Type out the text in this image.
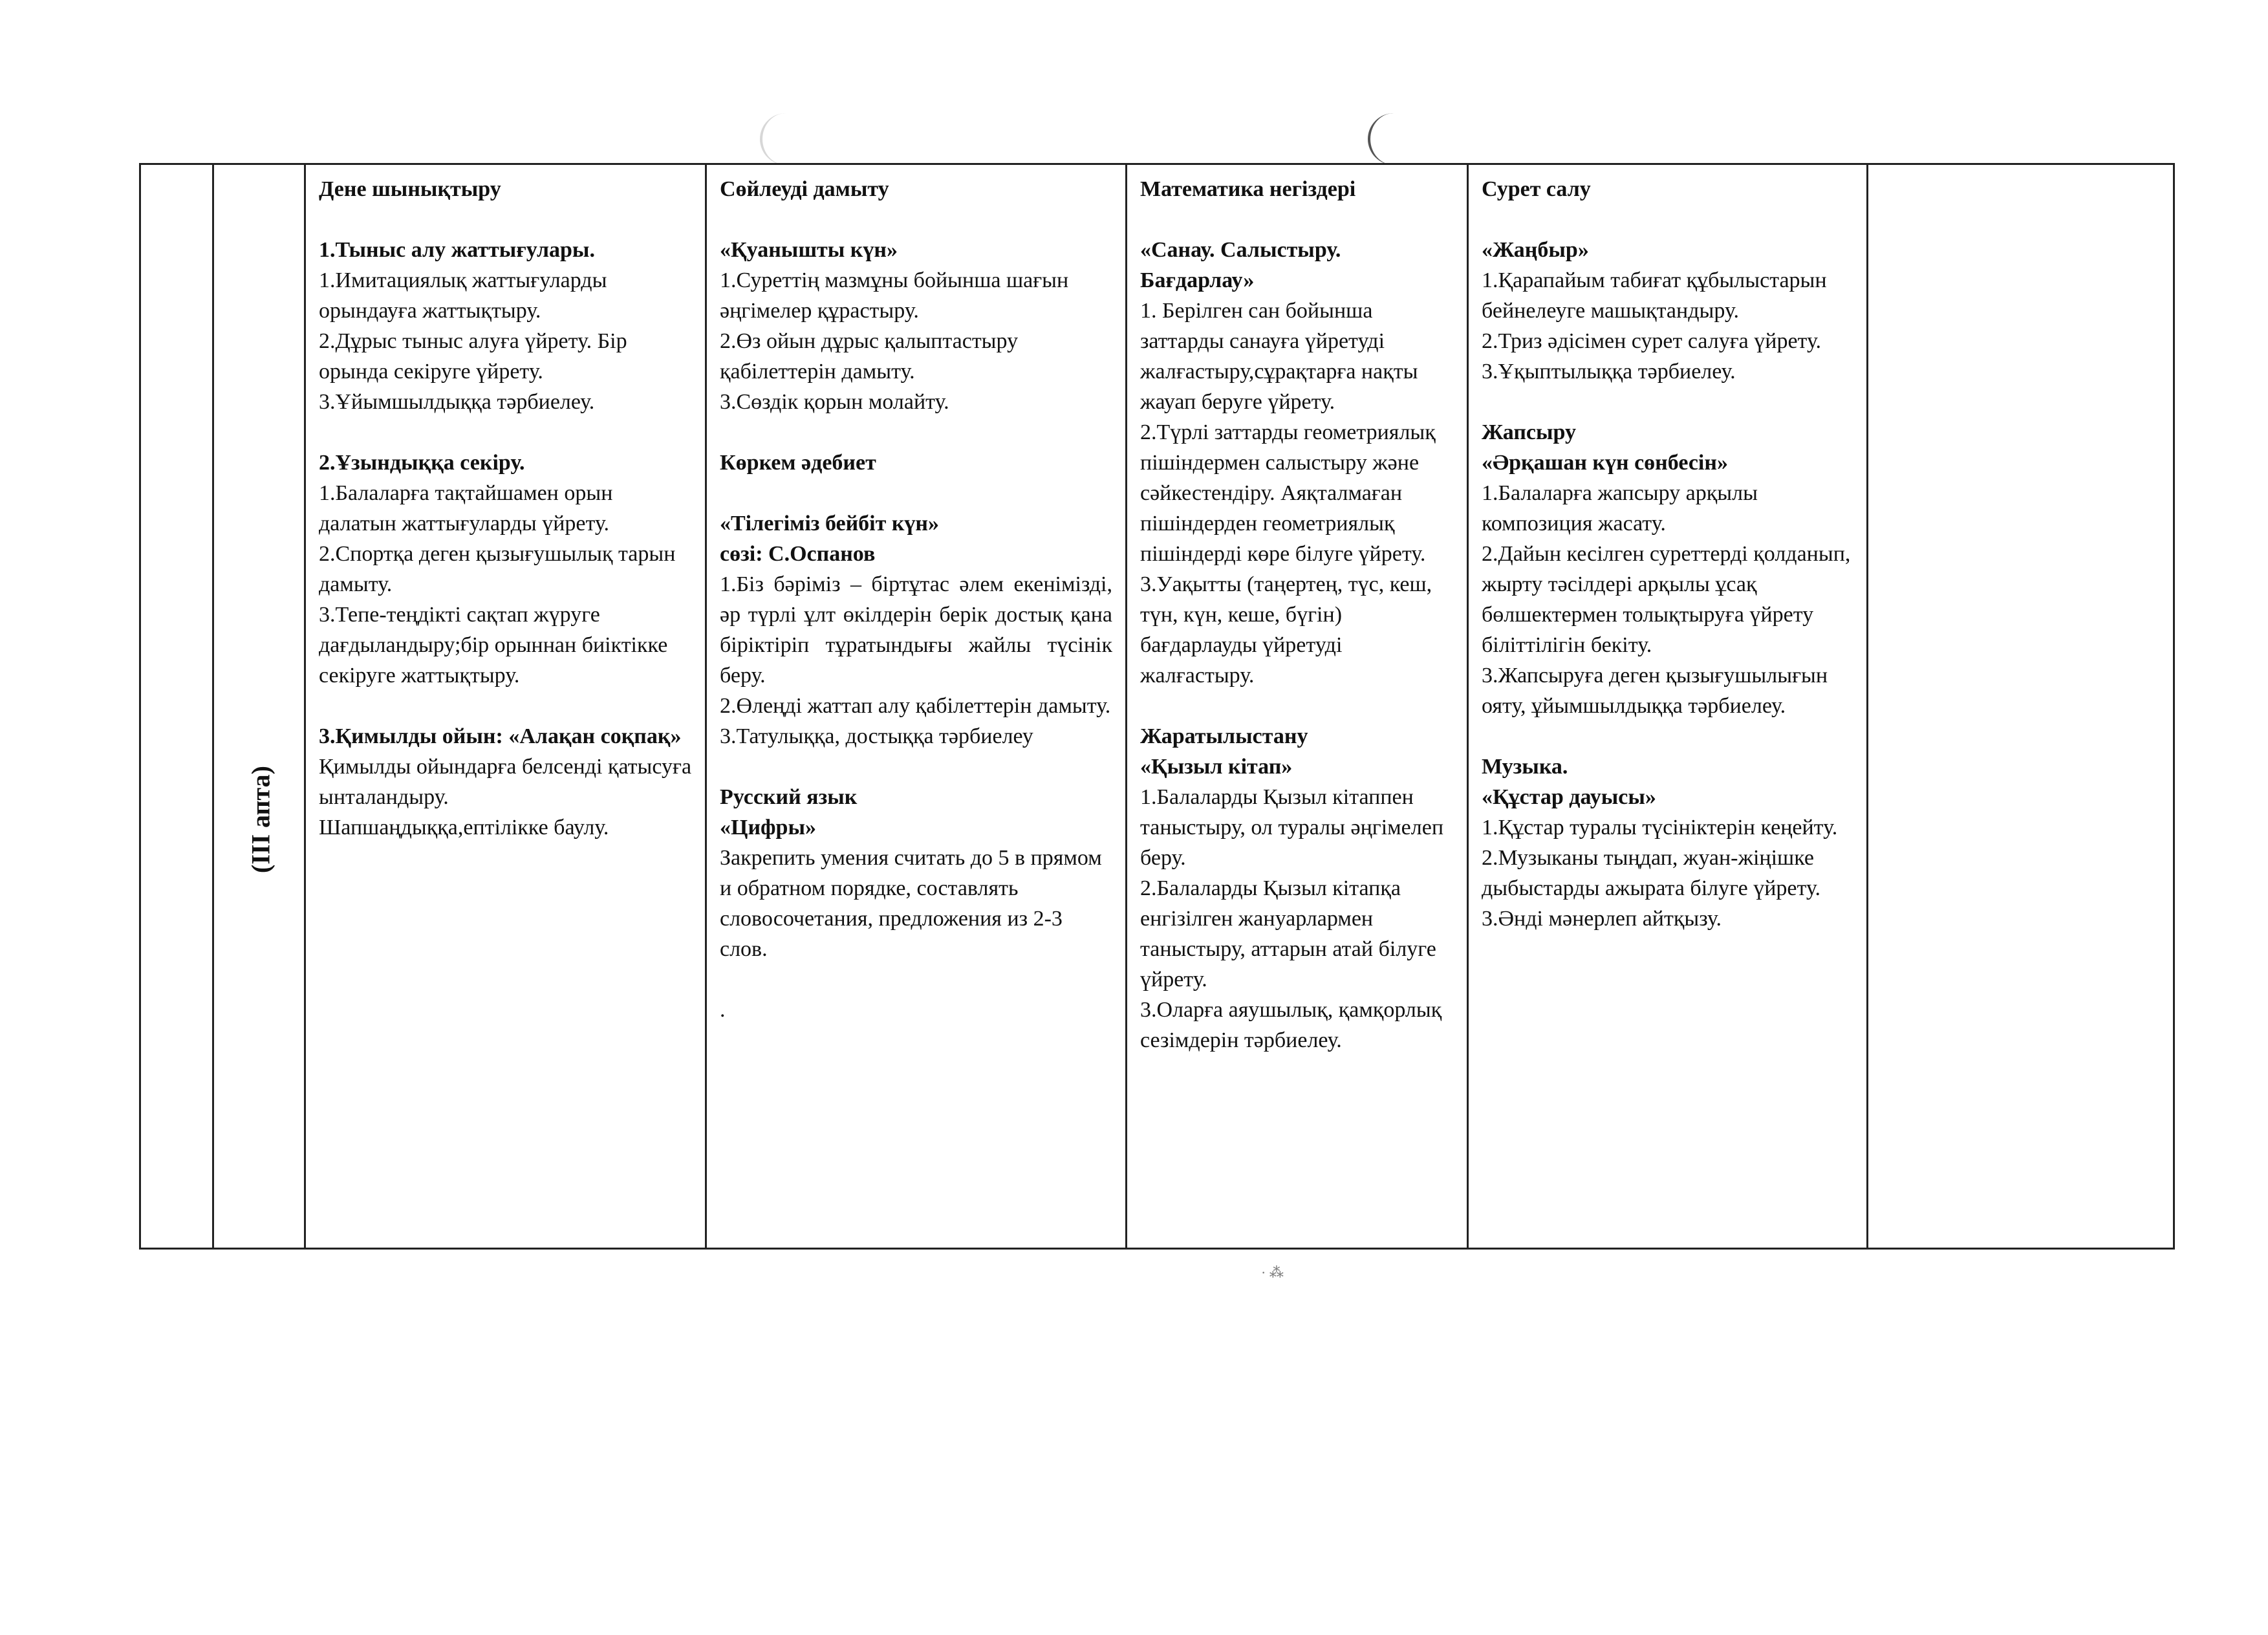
(ІІІ апта)

Дене шынықтыру
1.Тыныс алу жаттығулары.
1.Имитациялық жаттығуларды орындауға жаттықтыру.
2.Дұрыс тыныс алуға үйрету. Бір орында секіруге үйрету.
3.Ұйымшылдыққа тәрбиелеу.
2.Ұзындыққа секіру.
1.Балаларға тақтайшамен орын далатын жаттығуларды үйрету.
2.Спортқа деген қызығушылық тарын дамыту.
3.Тепе-теңдікті сақтап жүруге дағдыландыру;бір орыннан биіктікке секіруге жаттықтыру.
3.Қимылды ойын: «Алақан соқпақ»
Қимылды ойындарға белсенді қатысуға ынталандыру.
Шапшаңдыққа,ептілікке баулу.

Сөйлеуді дамыту
«Қуанышты күн»
1.Суреттің мазмұны бойынша шағын әңгімелер құрастыру.
2.Өз ойын дұрыс қалыптастыру қабілеттерін дамыту.
3.Сөздік қорын молайту.
Көркем әдебиет
«Тілегіміз бейбіт күн»
сөзі: С.Оспанов
1.Біз бәріміз – біртұтас әлем екенімізді, әр түрлі ұлт өкілдерін берік достық қана біріктіріп тұратындығы жайлы түсінік беру.
2.Өлеңді жаттап алу қабілеттерін дамыту.
3.Татулыққа, достыққа тәрбиелеу
Русский язык
«Цифры»
Закрепить умения считать до 5 в прямом и обратном порядке, составлять словосочетания, предложения из 2-3 слов.
.

Математика негіздері
«Санау. Салыстыру. Бағдарлау»
1. Берілген сан бойынша заттарды санауға үйретуді жалғастыру,сұрақтарға нақты жауап беруге үйрету.
2.Түрлі заттарды геометриялық пішіндермен салыстыру және сәйкестендіру. Аяқталмаған пішіндерден геометриялық пішіндерді көре білуге үйрету.
3.Уақытты (таңертең, түс, кеш, түн, күн, кеше, бүгін) бағдарлауды үйретуді жалғастыру.
Жаратылыстану
«Қызыл кітап»
1.Балаларды Қызыл кітаппен таныстыру, ол туралы әңгімелеп беру.
2.Балаларды Қызыл кітапқа енгізілген жануарлармен таныстыру, аттарын атай білуге үйрету.
3.Оларға аяушылық, қамқорлық сезімдерін тәрбиелеу.

Сурет салу
«Жаңбыр»
1.Қарапайым табиғат құбылыстарын бейнелеуге машықтандыру.
2.Триз әдісімен сурет салуға үйрету.
3.Ұқыптылыққа тәрбиелеу.
Жапсыру
«Әрқашан күн сөнбесін»
1.Балаларға жапсыру арқылы композиция жасату.
2.Дайын кесілген суреттерді қолданып, жырту тәсілдері арқылы ұсақ бөлшектермен толықтыруға үйрету біліттілігін бекіту.
3.Жапсыруға деген қызығушылығын ояту, ұйымшылдыққа тәрбиелеу.
Музыка.
«Құстар дауысы»
1.Құстар туралы түсініктерін кеңейту.
2.Музыканы тыңдап, жуан-жіңішке дыбыстарды ажырата білуге үйрету.
3.Әнді мәнерлеп айтқызу.

· ⁂
